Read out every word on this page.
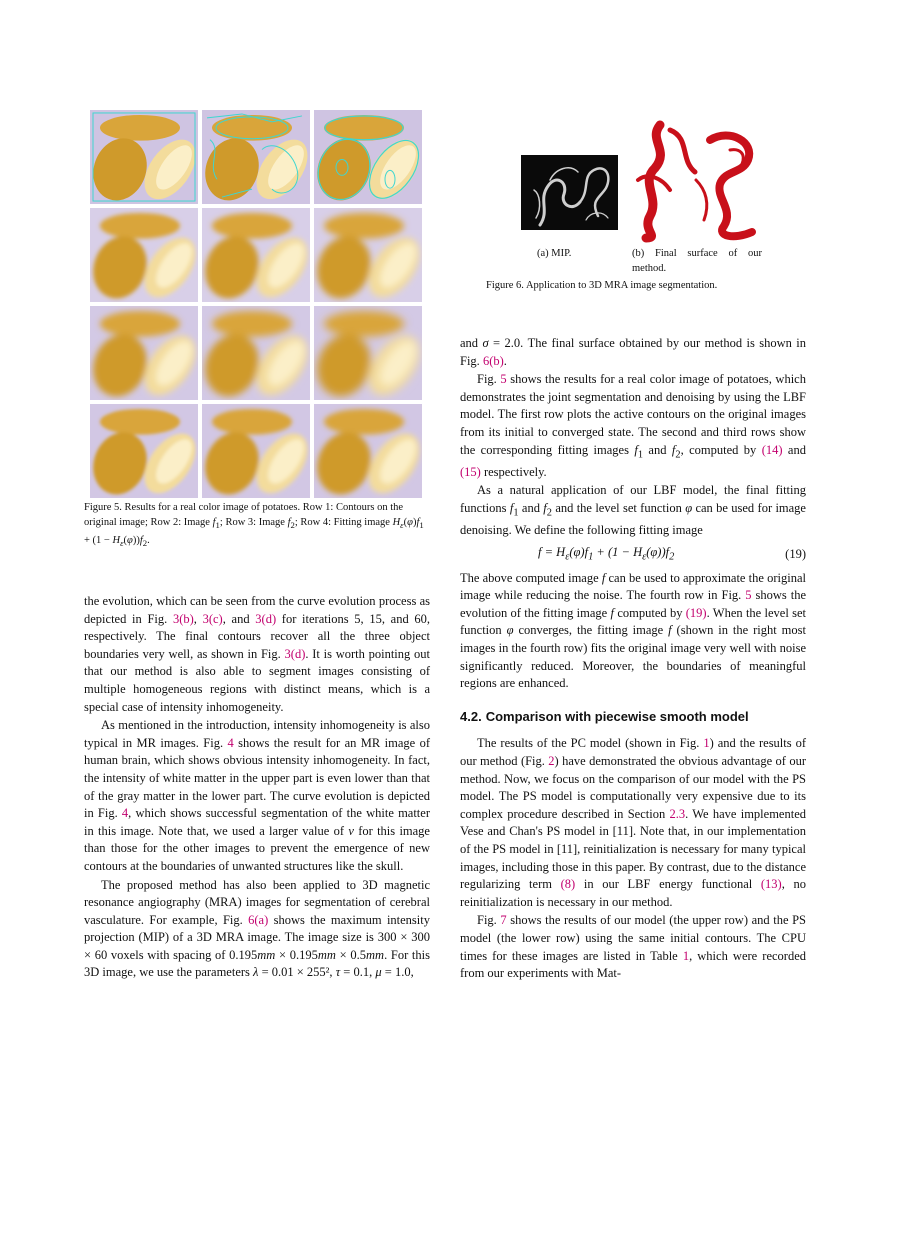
Figure 5. Results for a real color image of potatoes. Row 1: Contours on the original image; Row 2: Image $f_1$; Row 3: Image $f_2$; Row 4: Fitting image $H_\varepsilon(\varphi)f_1 + (1 - H_\varepsilon(\varphi))f_2$.
(a) MIP.	(b) Final surface of our method.
Figure 6. Application to 3D MRA image segmentation.

the evolution, which can be seen from the curve evolution process as depicted in Fig. 3(b), 3(c), and 3(d) for iterations 5, 15, and 60, respectively. The final contours recover all the three object boundaries very well, as shown in Fig. 3(d). It is worth pointing out that our method is also able to segment images consisting of multiple homogeneous regions with distinct means, which is a special case of intensity inhomogeneity.

As mentioned in the introduction, intensity inhomogeneity is also typical in MR images. Fig. 4 shows the result for an MR image of human brain, which shows obvious intensity inhomogeneity. In fact, the intensity of white matter in the upper part is even lower than that of the gray matter in the lower part. The curve evolution is depicted in Fig. 4, which shows successful segmentation of the white matter in this image. Note that, we used a larger value of ν for this image than those for the other images to prevent the emergence of new contours at the boundaries of unwanted structures like the skull.

The proposed method has also been applied to 3D magnetic resonance angiography (MRA) images for segmentation of cerebral vasculature. For example, Fig. 6(a) shows the maximum intensity projection (MIP) of a 3D MRA image. The image size is 300 × 300 × 60 voxels with spacing of 0.195mm × 0.195mm × 0.5mm. For this 3D image, we use the parameters λ = 0.01 × 255², τ = 0.1, μ = 1.0,

and σ = 2.0. The final surface obtained by our method is shown in Fig. 6(b).

Fig. 5 shows the results for a real color image of potatoes, which demonstrates the joint segmentation and denoising by using the LBF model. The first row plots the active contours on the original images from its initial to converged state. The second and third rows show the corresponding fitting images $f_1$ and $f_2$, computed by (14) and (15) respectively.

As a natural application of our LBF model, the final fitting functions $f_1$ and $f_2$ and the level set function φ can be used for image denoising. We define the following fitting image

$f = H_\varepsilon(\varphi)f_1 + (1 - H_\varepsilon(\varphi))f_2$	(19)

The above computed image f can be used to approximate the original image while reducing the noise. The fourth row in Fig. 5 shows the evolution of the fitting image f computed by (19). When the level set function φ converges, the fitting image f (shown in the right most images in the fourth row) fits the original image very well with noise significantly reduced. Moreover, the boundaries of meaningful regions are enhanced.

4.2. Comparison with piecewise smooth model

The results of the PC model (shown in Fig. 1) and the results of our method (Fig. 2) have demonstrated the obvious advantage of our method. Now, we focus on the comparison of our model with the PS model. The PS model is computationally very expensive due to its complex procedure described in Section 2.3. We have implemented Vese and Chan's PS model in [11]. Note that, in our implementation of the PS model in [11], reinitialization is necessary for many typical images, including those in this paper. By contrast, due to the distance regularizing term (8) in our LBF energy functional (13), no reinitialization is necessary in our method.

Fig. 7 shows the results of our model (the upper row) and the PS model (the lower row) using the same initial contours. The CPU times for these images are listed in Table 1, which were recorded from our experiments with Mat-
